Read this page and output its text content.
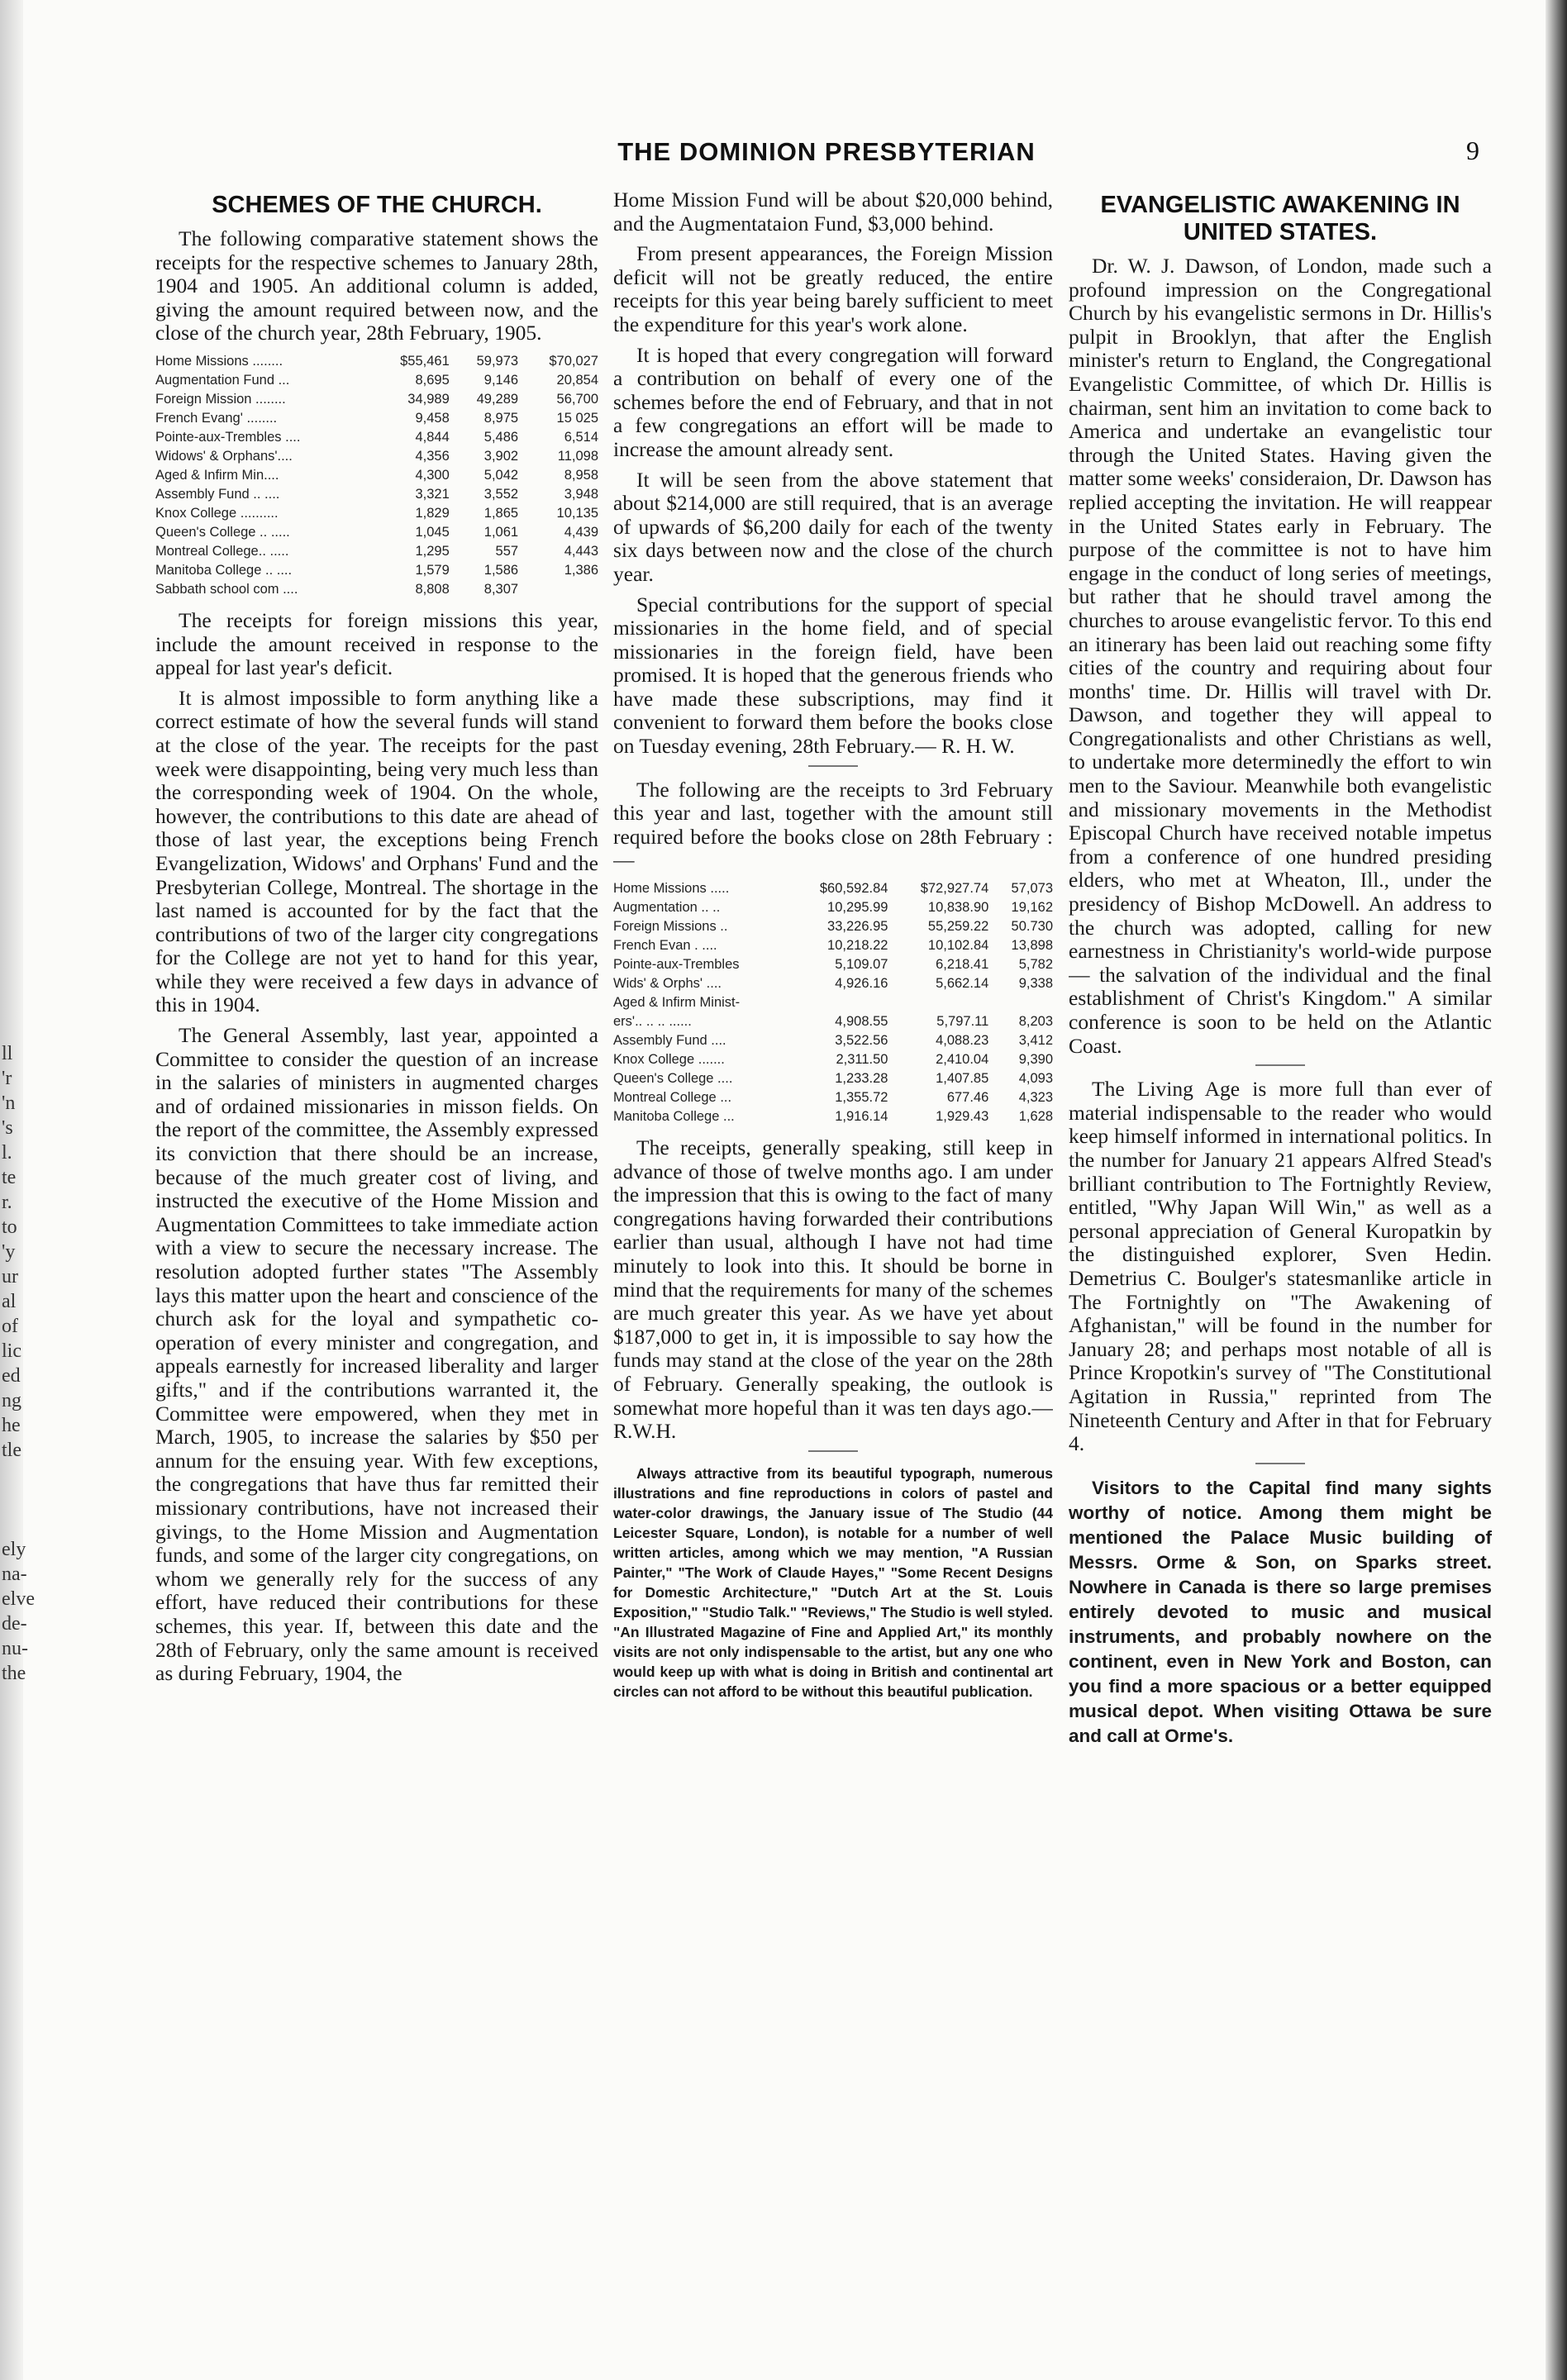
ll
'r
'n
's
l.
te
r.
to
'y
ur
al
of
lic
ed
ng
he
tle
ely
na-
elve
de-
nu-
the
THE DOMINION PRESBYTERIAN	9
SCHEMES OF THE CHURCH.

The following comparative statement shows the receipts for the respective schemes to January 28th, 1904 and 1905. An additional column is added, giving the amount required between now, and the close of the church year, 28th February, 1905.

Home Missions ........	$55,461	59,973	$70,027
Augmentation Fund ...	8,695	9,146	20,854
Foreign Mission ........	34,989	49,289	56,700
French Evang' ........	9,458	8,975	15 025
Pointe-aux-Trembles ....	4,844	5,486	6,514
Widows' & Orphans'....	4,356	3,902	11,098
Aged & Infirm Min....	4,300	5,042	8,958
Assembly Fund .. ....	3,321	3,552	3,948
Knox College ..........	1,829	1,865	10,135
Queen's College .. .....	1,045	1,061	4,439
Montreal College.. .....	1,295	557	4,443
Manitoba College .. ....	1,579	1,586	1,386
Sabbath school com ....	8,808	8,307	

The receipts for foreign missions this year, include the amount received in response to the appeal for last year's deficit.

It is almost impossible to form anything like a correct estimate of how the several funds will stand at the close of the year. The receipts for the past week were disappointing, being very much less than the corresponding week of 1904. On the whole, however, the contributions to this date are ahead of those of last year, the exceptions being French Evangelization, Widows' and Orphans' Fund and the Presbyterian College, Montreal. The shortage in the last named is accounted for by the fact that the contributions of two of the larger city congregations for the College are not yet to hand for this year, while they were received a few days in advance of this in 1904.

The General Assembly, last year, appointed a Committee to consider the question of an increase in the salaries of ministers in augmented charges and of ordained missionaries in misson fields. On the report of the committee, the Assembly expressed its conviction that there should be an increase, because of the much greater cost of living, and instructed the executive of the Home Mission and Augmentation Committees to take immediate action with a view to secure the necessary increase. The resolution adopted further states "The Assembly lays this matter upon the heart and conscience of the church ask for the loyal and sympathetic co-operation of every minister and congregation, and appeals earnestly for increased liberality and larger gifts," and if the contributions warranted it, the Committee were empowered, when they met in March, 1905, to increase the salaries by $50 per annum for the ensuing year. With few exceptions, the congregations that have thus far remitted their missionary contributions, have not increased their givings, to the Home Mission and Augmentation funds, and some of the larger city congregations, on whom we generally rely for the success of any effort, have reduced their contributions for these schemes, this year. If, between this date and the 28th of February, only the same amount is received as during February, 1904, the

Home Mission Fund will be about $20,000 behind, and the Augmentataion Fund, $3,000 behind.

From present appearances, the Foreign Mission deficit will not be greatly reduced, the entire receipts for this year being barely sufficient to meet the expenditure for this year's work alone.

It is hoped that every congregation will forward a contribution on behalf of every one of the schemes before the end of February, and that in not a few congregations an effort will be made to increase the amount already sent.

It will be seen from the above statement that about $214,000 are still required, that is an average of upwards of $6,200 daily for each of the twenty six days between now and the close of the church year.

Special contributions for the support of special missionaries in the home field, and of special missionaries in the foreign field, have been promised. It is hoped that the generous friends who have made these subscriptions, may find it convenient to forward them before the books close on Tuesday evening, 28th February.— R. H. W.

The following are the receipts to 3rd February this year and last, together with the amount still required before the books close on 28th February :—

Home Missions .....	$60,592.84	$72,927.74	57,073
Augmentation .. ..	10,295.99	10,838.90	19,162
Foreign Missions ..	33,226.95	55,259.22	50.730
French Evan . ....	10,218.22	10,102.84	13,898
Pointe-aux-Trembles	5,109.07	6,218.41	5,782
Wids' & Orphs' ....	4,926.16	5,662.14	9,338
Aged & Infirm Minist-			
ers'.. .. .. ......	4,908.55	5,797.11	8,203
Assembly Fund ....	3,522.56	4,088.23	3,412
Knox College .......	2,311.50	2,410.04	9,390
Queen's College ....	1,233.28	1,407.85	4,093
Montreal College ...	1,355.72	677.46	4,323
Manitoba College ...	1,916.14	1,929.43	1,628

The receipts, generally speaking, still keep in advance of those of twelve months ago. I am under the impression that this is owing to the fact of many congregations having forwarded their contributions earlier than usual, although I have not had time minutely to look into this. It should be borne in mind that the requirements for many of the schemes are much greater this year. As we have yet about $187,000 to get in, it is impossible to say how the funds may stand at the close of the year on the 28th of February. Generally speaking, the outlook is somewhat more hopeful than it was ten days ago.—R.W.H.

Always attractive from its beautiful typograph, numerous illustrations and fine reproductions in colors of pastel and water-color drawings, the January issue of The Studio (44 Leicester Square, London), is notable for a number of well written articles, among which we may mention, "A Russian Painter," "The Work of Claude Hayes," "Some Recent Designs for Domestic Architecture," "Dutch Art at the St. Louis Exposition," "Studio Talk." "Reviews," The Studio is well styled. "An Illustrated Magazine of Fine and Applied Art," its monthly visits are not only indispensable to the artist, but any one who would keep up with what is doing in British and continental art circles can not afford to be without this beautiful publication.

EVANGELISTIC AWAKENING IN UNITED STATES.

Dr. W. J. Dawson, of London, made such a profound impression on the Congregational Church by his evangelistic sermons in Dr. Hillis's pulpit in Brooklyn, that after the English minister's return to England, the Congregational Evangelistic Committee, of which Dr. Hillis is chairman, sent him an invitation to come back to America and undertake an evangelistic tour through the United States. Having given the matter some weeks' consideraion, Dr. Dawson has replied accepting the invitation. He will reappear in the United States early in February. The purpose of the committee is not to have him engage in the conduct of long series of meetings, but rather that he should travel among the churches to arouse evangelistic fervor. To this end an itinerary has been laid out reaching some fifty cities of the country and requiring about four months' time. Dr. Hillis will travel with Dr. Dawson, and together they will appeal to Congregationalists and other Christians as well, to undertake more determinedly the effort to win men to the Saviour. Meanwhile both evangelistic and missionary movements in the Methodist Episcopal Church have received notable impetus from a conference of one hundred presiding elders, who met at Wheaton, Ill., under the presidency of Bishop McDowell. An address to the church was adopted, calling for new earnestness in Christianity's world-wide purpose— the salvation of the individual and the final establishment of Christ's Kingdom." A similar conference is soon to be held on the Atlantic Coast.

The Living Age is more full than ever of material indispensable to the reader who would keep himself informed in international politics. In the number for January 21 appears Alfred Stead's brilliant contribution to The Fortnightly Review, entitled, "Why Japan Will Win," as well as a personal appreciation of General Kuropatkin by the distinguished explorer, Sven Hedin. Demetrius C. Boulger's statesmanlike article in The Fortnightly on "The Awakening of Afghanistan," will be found in the number for January 28; and perhaps most notable of all is Prince Kropotkin's survey of "The Constitutional Agitation in Russia," reprinted from The Nineteenth Century and After in that for February 4.

Visitors to the Capital find many sights worthy of notice. Among them might be mentioned the Palace Music building of Messrs. Orme & Son, on Sparks street. Nowhere in Canada is there so large premises entirely devoted to music and musical instruments, and probably nowhere on the continent, even in New York and Boston, can you find a more spacious or a better equipped musical depot. When visiting Ottawa be sure and call at Orme's.
